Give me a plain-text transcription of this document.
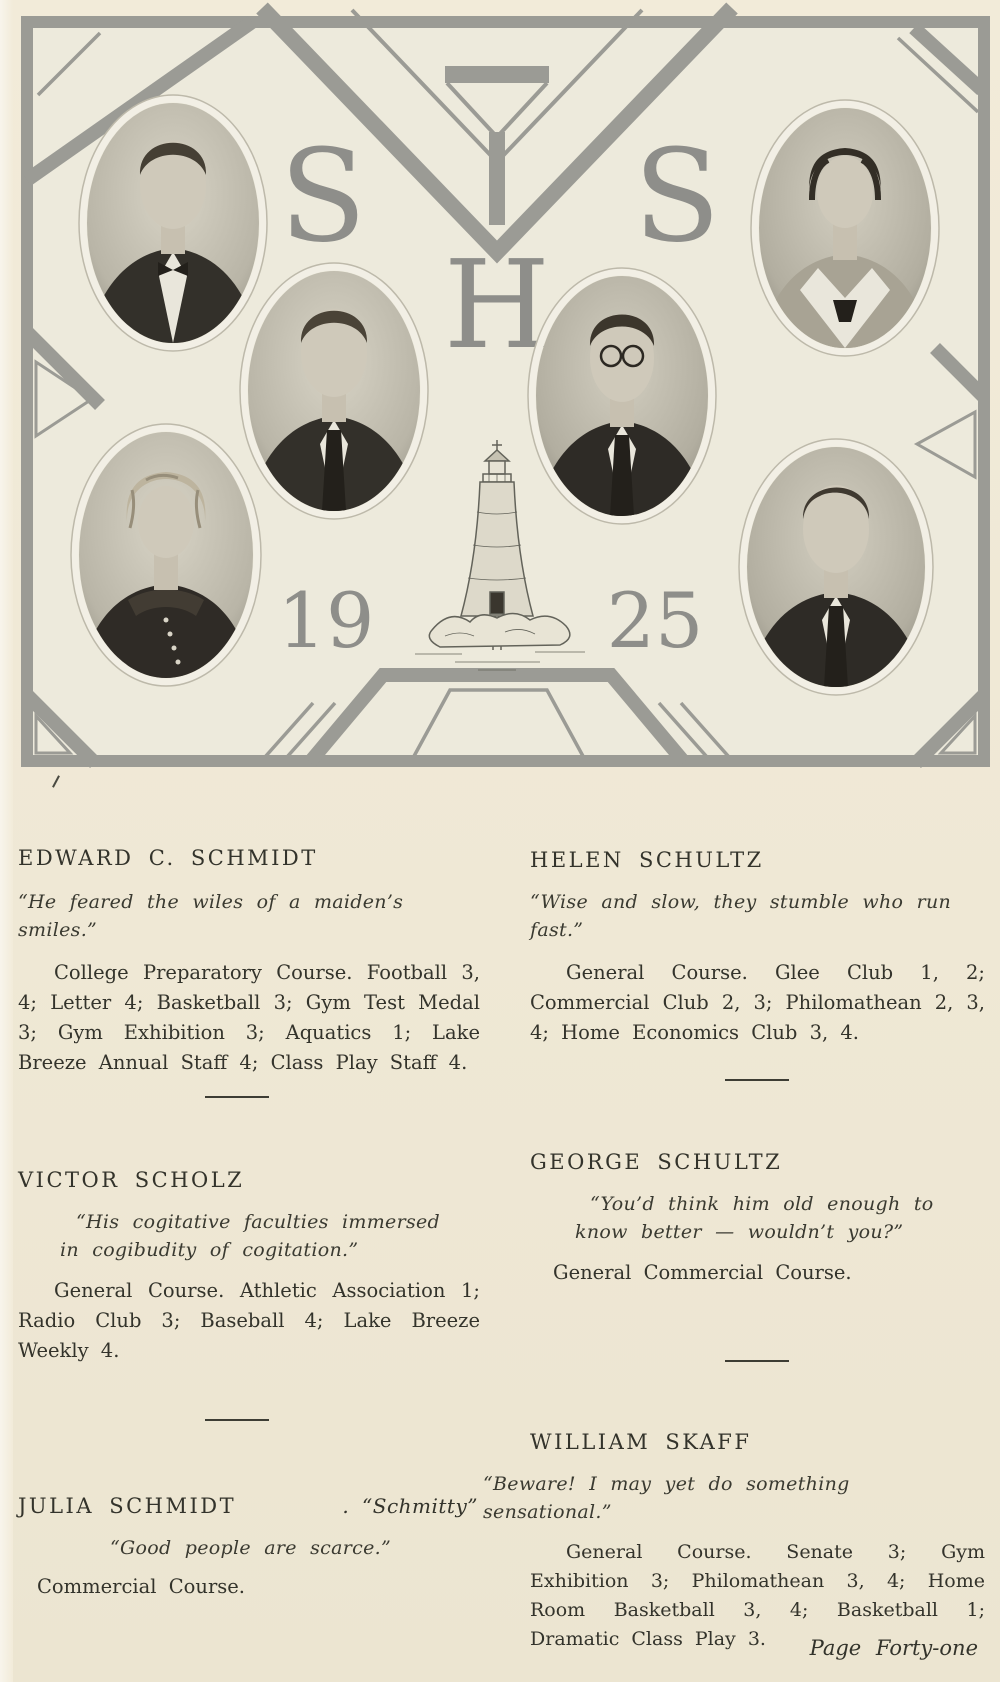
S S
H
19	25
EDWARD C. SCHMIDT
“He feared the wiles of a maiden’s smiles.”
College Preparatory Course. Football 3, 4; Letter 4; Basketball 3; Gym Test Medal 3; Gym Exhibition 3; Aquatics 1; Lake Breeze Annual Staff 4; Class Play Staff 4.
HELEN SCHULTZ
“Wise and slow, they stumble who run fast.”
General Course. Glee Club 1, 2; Commercial Club 2, 3; Philomathean 2, 3, 4; Home Economics Club 3, 4.
VICTOR SCHOLZ
“His cogitative faculties immersed
in cogibudity of cogitation.”
General Course. Athletic Association 1; Radio Club 3; Baseball 4; Lake Breeze Weekly 4.
GEORGE SCHULTZ
“You’d think him old enough to
know better — wouldn’t you?”
General Commercial Course.
JULIA SCHMIDT	. “Schmitty”
“Good people are scarce.”
Commercial Course.
WILLIAM SKAFF
“Beware! I may yet do something sensational.”
General Course. Senate 3; Gym Exhibition 3; Philomathean 3, 4; Home Room Basketball 3, 4; Basketball 1; Dramatic Class Play 3.	Page Forty-one
